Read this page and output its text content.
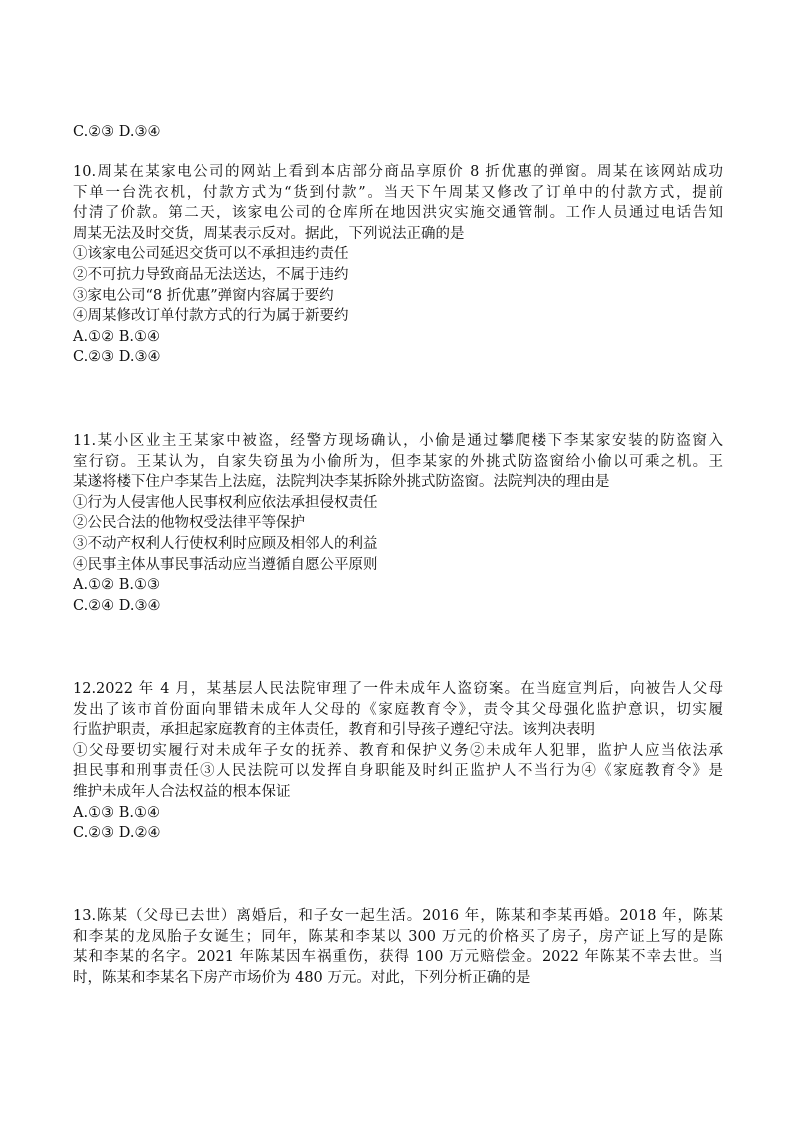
C.②③ D.③④
10.周某在某家电公司的网站上看到本店部分商品享原价 8 折优惠的弹窗。周某在该网站成功
下单一台洗衣机，付款方式为“货到付款”。当天下午周某又修改了订单中的付款方式，提前
付清了价款。第二天，该家电公司的仓库所在地因洪灾实施交通管制。工作人员通过电话告知
周某无法及时交货，周某表示反对。据此，下列说法正确的是
①该家电公司延迟交货可以不承担违约责任
②不可抗力导致商品无法送达，不属于违约
③家电公司“8 折优惠”弹窗内容属于要约
④周某修改订单付款方式的行为属于新要约
A.①② B.①④
C.②③ D.③④
11.某小区业主王某家中被盗，经警方现场确认，小偷是通过攀爬楼下李某家安装的防盗窗入
室行窃。王某认为，自家失窃虽为小偷所为，但李某家的外挑式防盗窗给小偷以可乘之机。王
某遂将楼下住户李某告上法庭，法院判决李某拆除外挑式防盗窗。法院判决的理由是
①行为人侵害他人民事权利应依法承担侵权责任
②公民合法的他物权受法律平等保护
③不动产权利人行使权利时应顾及相邻人的利益
④民事主体从事民事活动应当遵循自愿公平原则
A.①② B.①③
C.②④ D.③④
12.2022 年 4 月，某基层人民法院审理了一件未成年人盗窃案。在当庭宣判后，向被告人父母
发出了该市首份面向罪错未成年人父母的《家庭教育令》，责令其父母强化监护意识，切实履
行监护职责，承担起家庭教育的主体责任，教育和引导孩子遵纪守法。该判决表明
①父母要切实履行对未成年子女的抚养、教育和保护义务②未成年人犯罪，监护人应当依法承
担民事和刑事责任③人民法院可以发挥自身职能及时纠正监护人不当行为④《家庭教育令》是
维护未成年人合法权益的根本保证
A.①③ B.①④
C.②③ D.②④
13.陈某（父母已去世）离婚后，和子女一起生活。2016 年，陈某和李某再婚。2018 年，陈某
和李某的龙凤胎子女诞生；同年，陈某和李某以 300 万元的价格买了房子，房产证上写的是陈
某和李某的名字。2021 年陈某因车祸重伤，获得 100 万元赔偿金。2022 年陈某不幸去世。当
时，陈某和李某名下房产市场价为 480 万元。对此，下列分析正确的是
